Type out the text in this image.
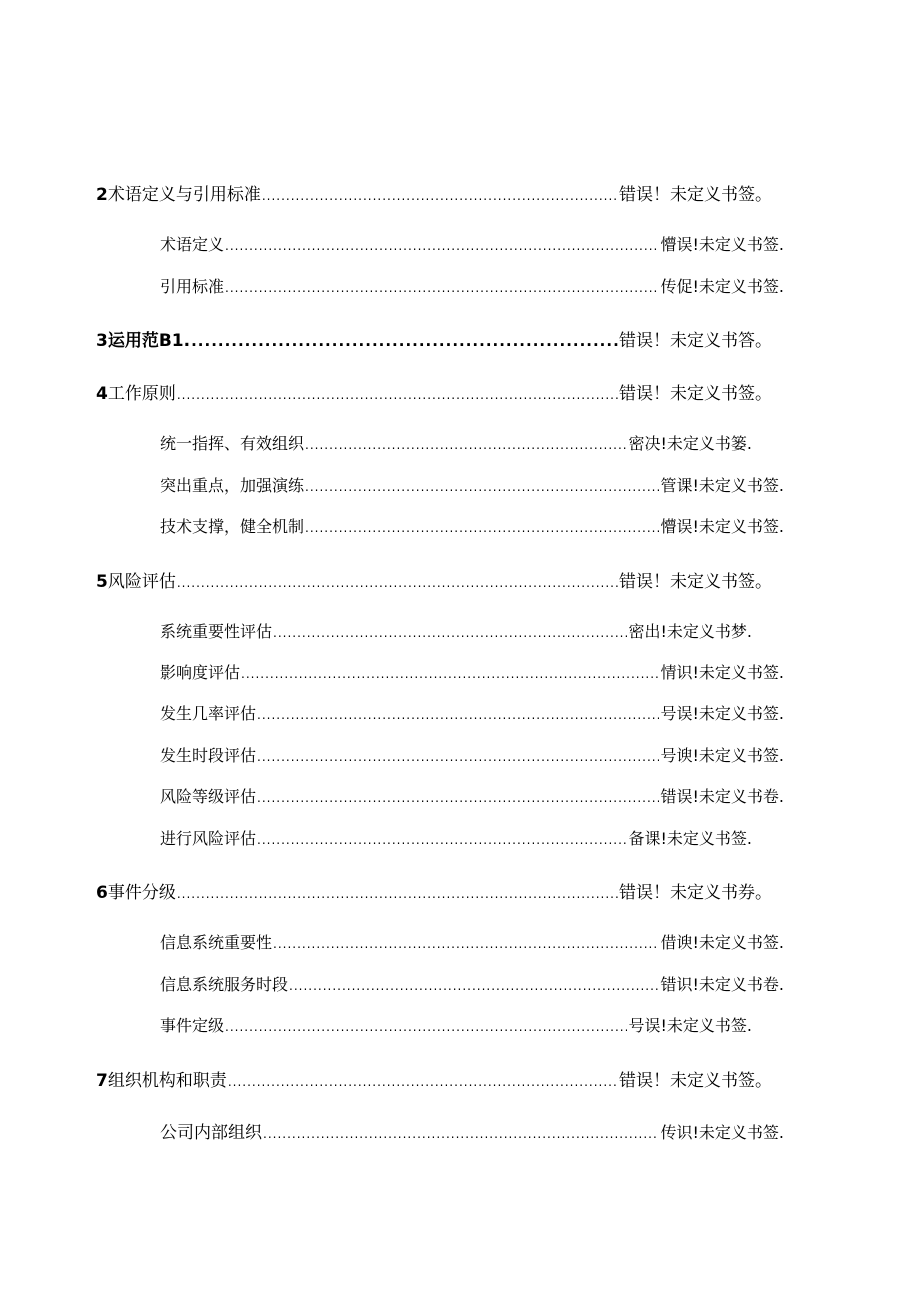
2术语定义与引用标准 .....	错误！未定义书签。
术语定义 .....	懵误!未定义书签.
引用标准 .....	传促!未定义书签.
3运用范B1. .....	错误！未定义书答。
4工作原则 .....	错误！未定义书签。
统一指挥、有效组织 .....	密决!未定义书篓.
突出重点，加强演练 .....	管课!未定义书签.
技术支撑，健全机制 .....	懵误!未定义书签.
5风险评估 .....	错误！未定义书签。
系统重要性评估 .....	密出!未定义书梦.
影响度评估 .....	情识!未定义书签.
发生几率评估 .....	号误!未定义书签.
发生时段评估 .....	号谀!未定义书签.
风险等级评估 .....	错误!未定义书卷.
进行风险评估 .....	备课!未定义书签.
6事件分级 .....	错误！未定义书券。
信息系统重要性 .....	借谀!未定义书签.
信息系统服务时段 .....	错识!未定义书卷.
事件定级 .....	号误!未定义书签.
7组织机构和职责 .....	错误！未定义书签。
公司内部组织 .....	传识!未定义书签.
